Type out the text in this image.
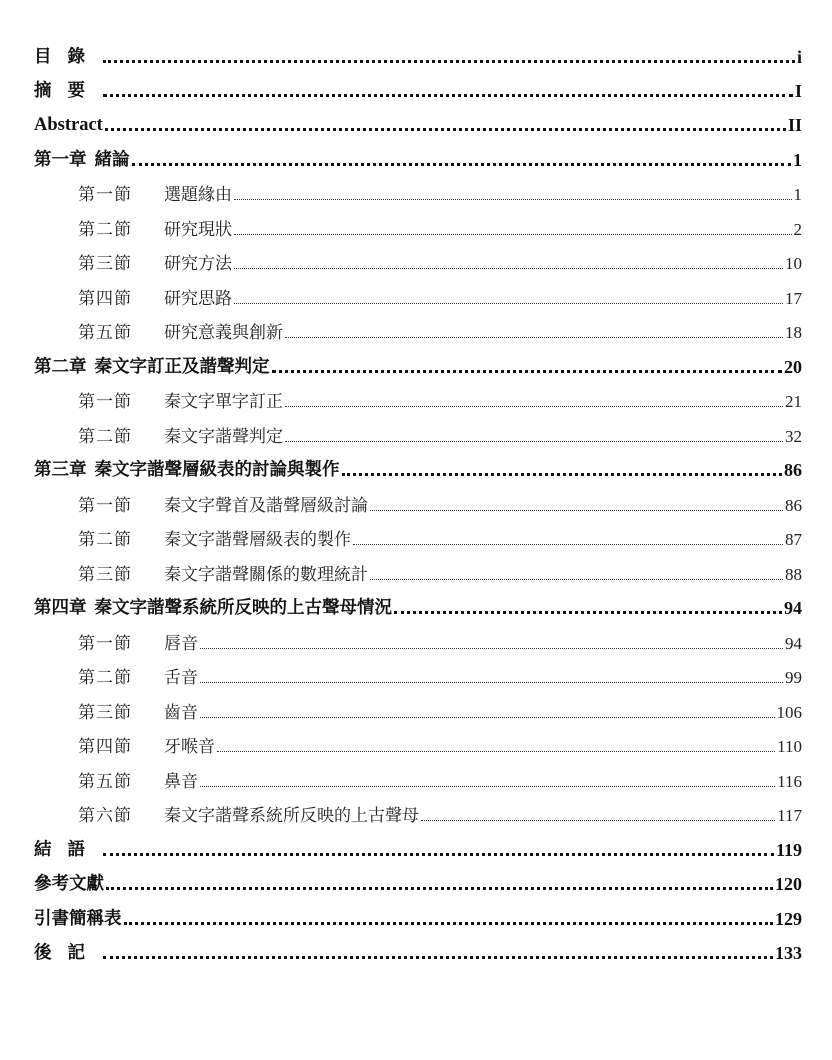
目錄	i
摘要	I
Abstract	II
第一章 緒論	1
第一節	選題緣由	1
第二節	研究現狀	2
第三節	研究方法	10
第四節	研究思路	17
第五節	研究意義與創新	18
第二章 秦文字訂正及諧聲判定	20
第一節	秦文字單字訂正	21
第二節	秦文字諧聲判定	32
第三章 秦文字諧聲層級表的討論與製作	86
第一節	秦文字聲首及諧聲層級討論	86
第二節	秦文字諧聲層級表的製作	87
第三節	秦文字諧聲關係的數理統計	88
第四章 秦文字諧聲系統所反映的上古聲母情況	94
第一節	唇音	94
第二節	舌音	99
第三節	齒音	106
第四節	牙喉音	110
第五節	鼻音	116
第六節	秦文字諧聲系統所反映的上古聲母	117
結語	119
參考文獻	120
引書簡稱表	129
後記	133
